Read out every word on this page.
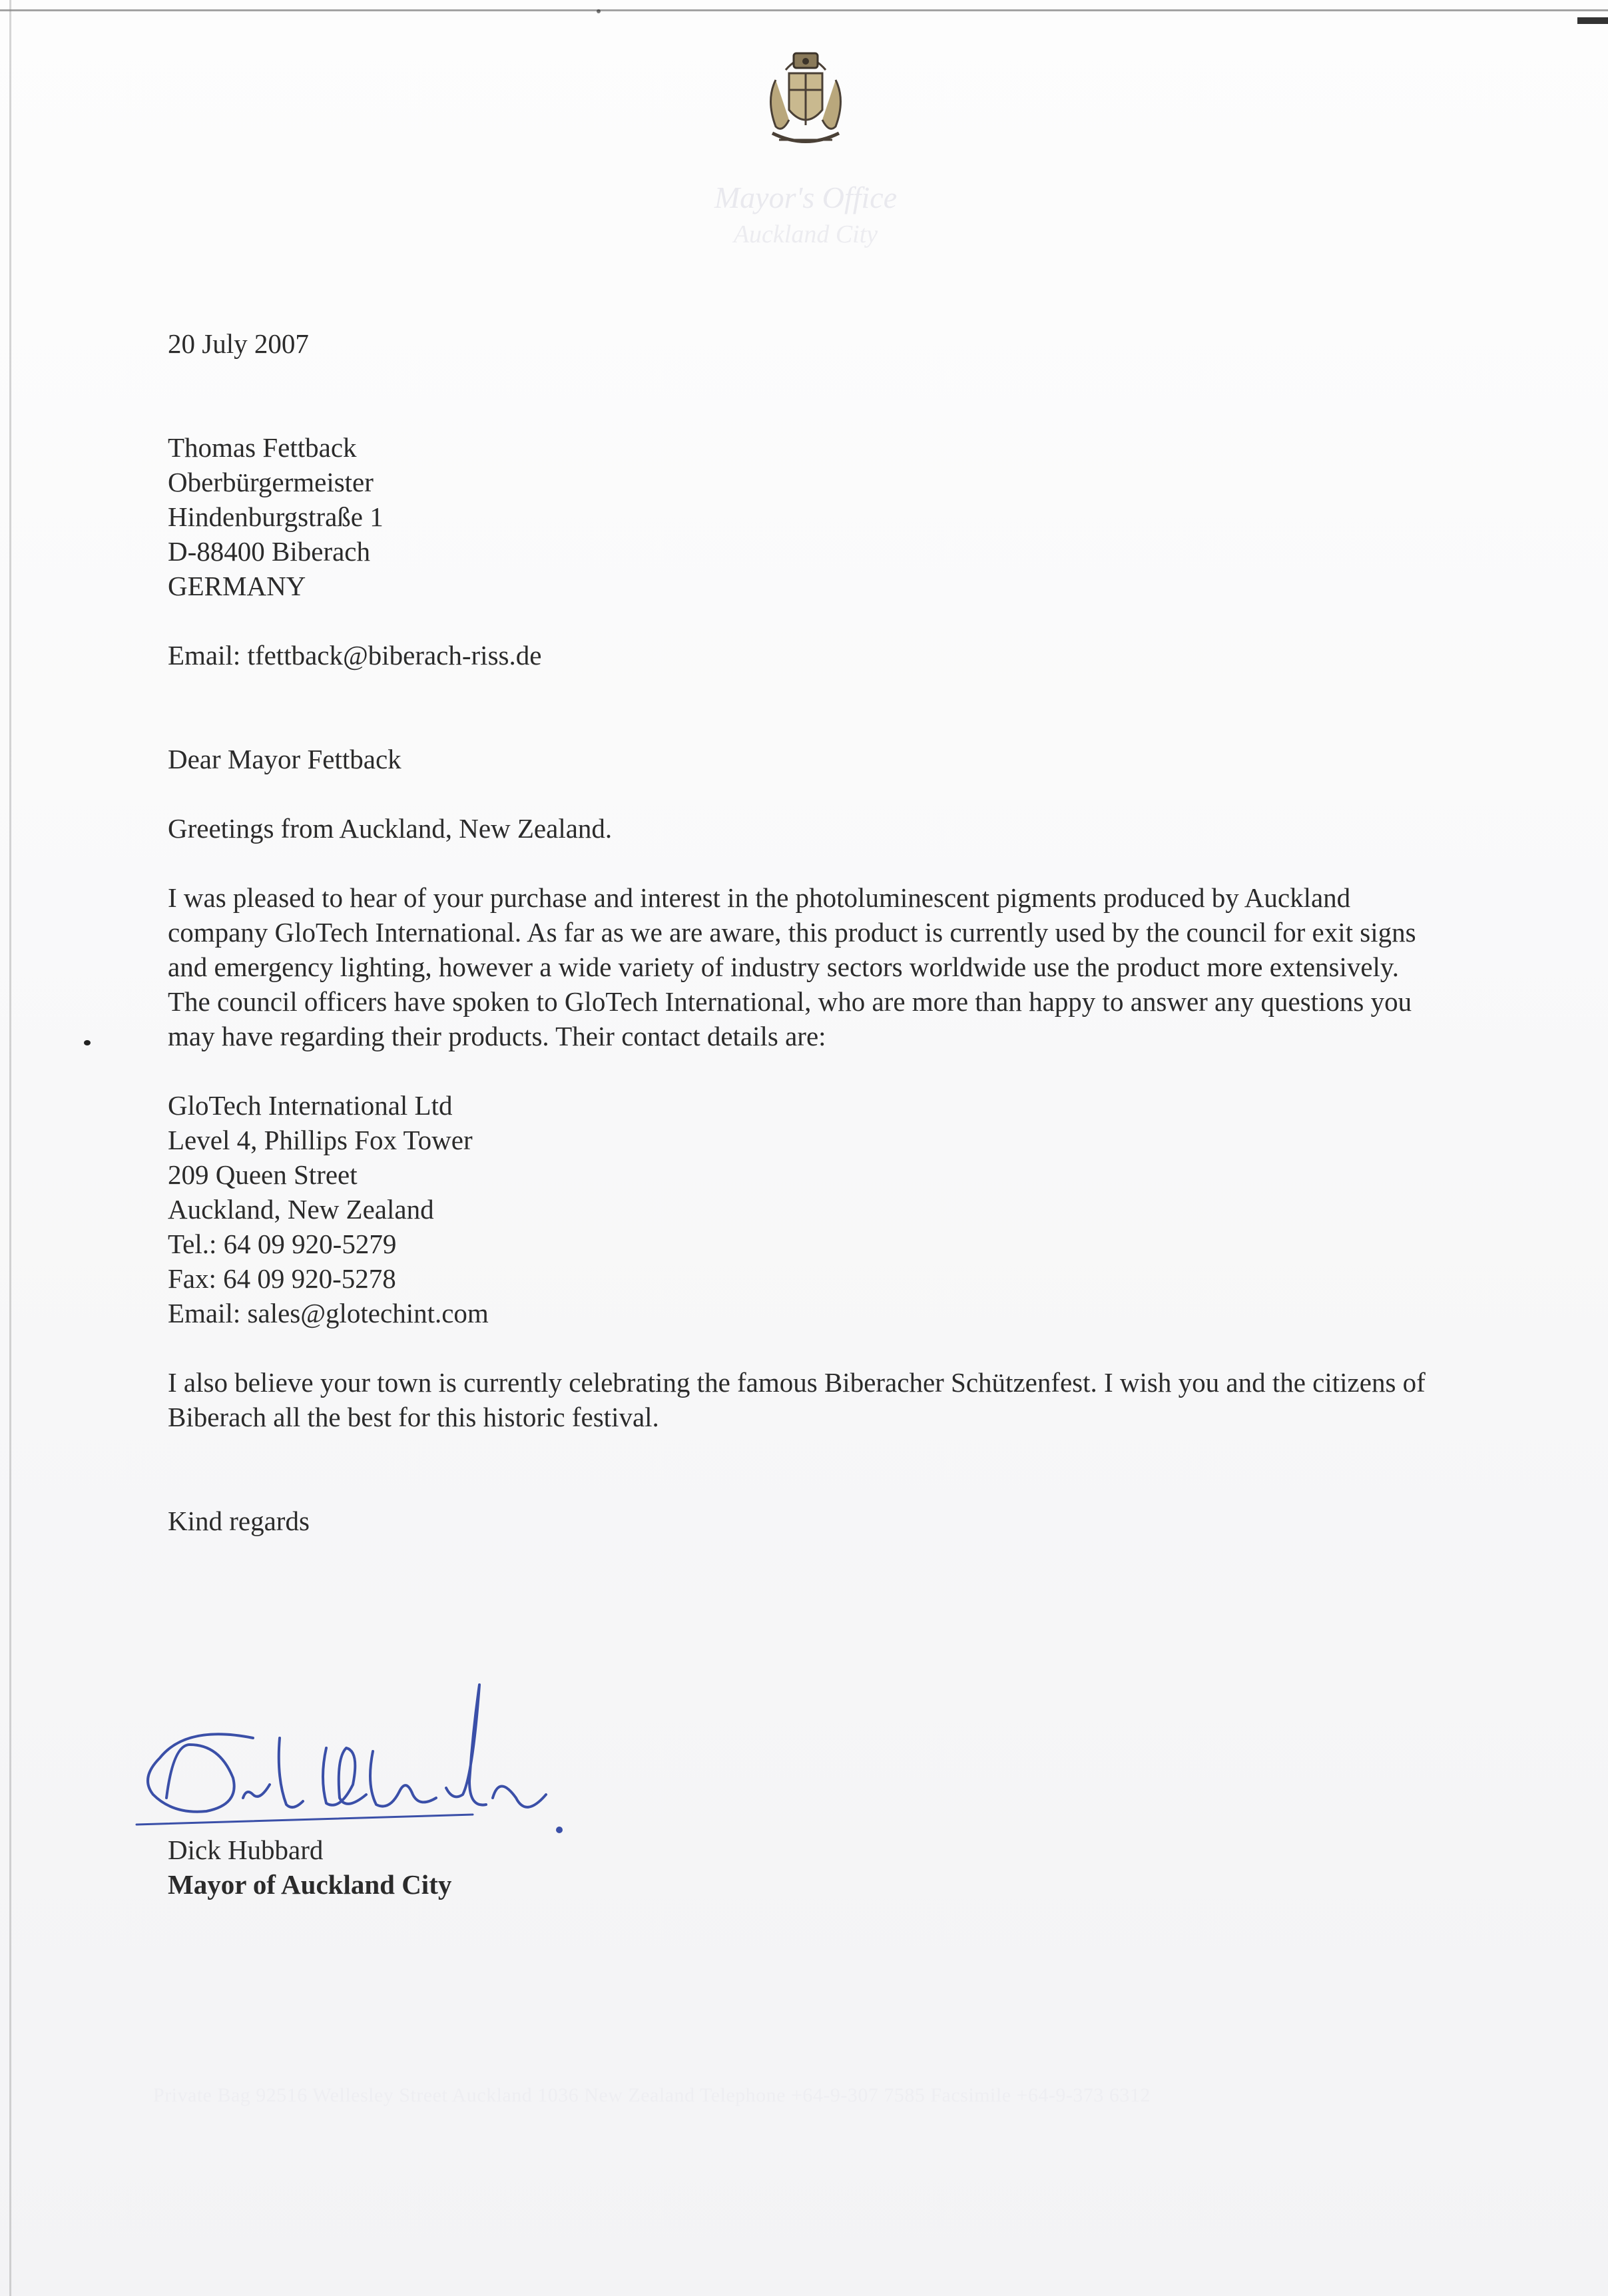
Mayor's Office
Auckland City
20 July 2007
Thomas Fettback
Oberbürgermeister
Hindenburgstraße 1
D-88400 Biberach
GERMANY
Email: tfettback@biberach-riss.de
Dear Mayor Fettback
Greetings from Auckland, New Zealand.
I was pleased to hear of your purchase and interest in the photoluminescent pigments produced by Auckland company GloTech International. As far as we are aware, this product is currently used by the council for exit signs and emergency lighting, however a wide variety of industry sectors worldwide use the product more extensively. The council officers have spoken to GloTech International, who are more than happy to answer any questions you may have regarding their products. Their contact details are:
GloTech International Ltd
Level 4, Phillips Fox Tower
209 Queen Street
Auckland, New Zealand
Tel.: 64 09 920-5279
Fax: 64 09 920-5278
Email: sales@glotechint.com
I also believe your town is currently celebrating the famous Biberacher Schützenfest. I wish you and the citizens of Biberach all the best for this historic festival.
Kind regards
Dick Hubbard
Mayor of Auckland City
Private Bag 92516 Wellesley Street Auckland 1036 New Zealand Telephone +64-9-307 7585 Facsimile +64-9-373 6312
